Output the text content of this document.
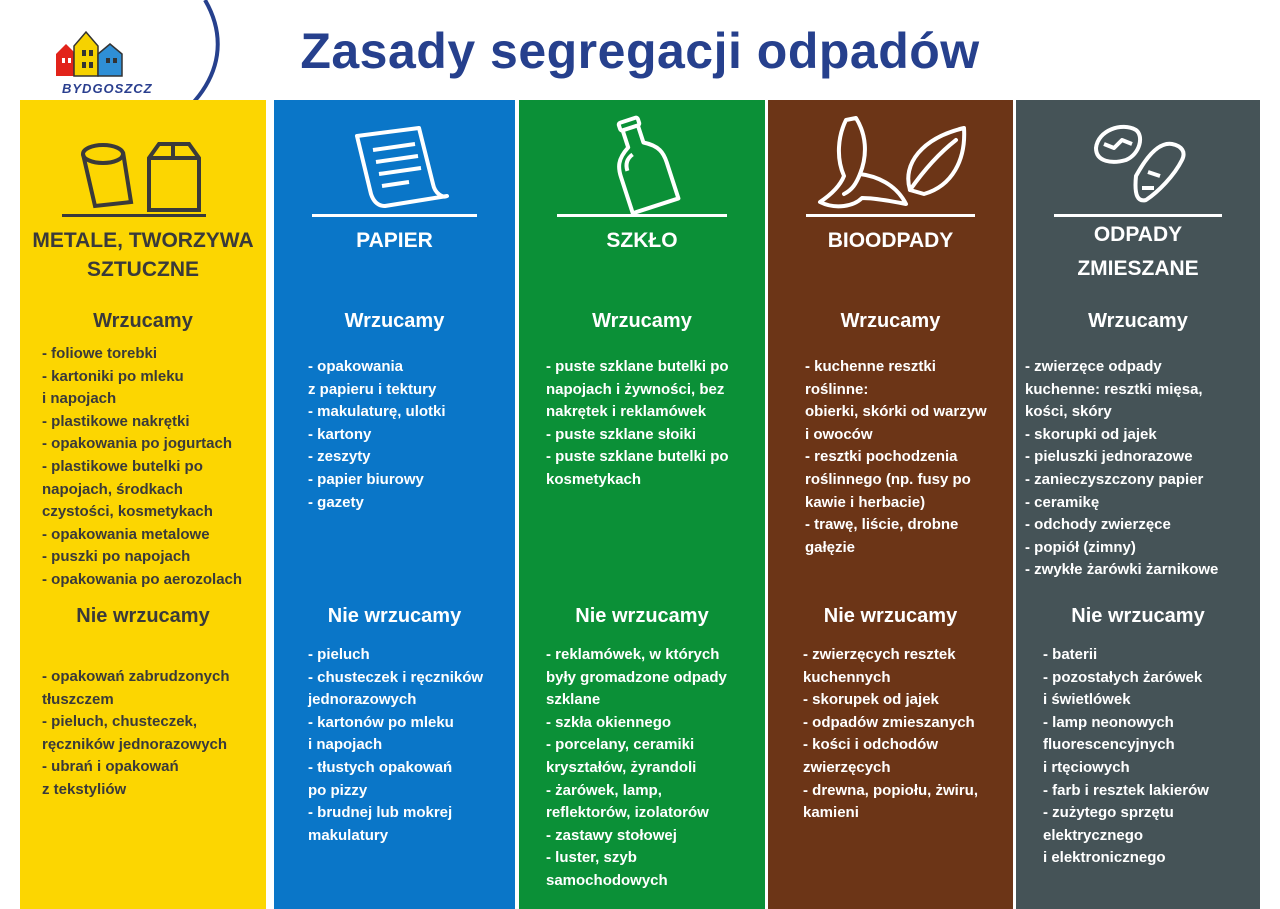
BYDGOSZCZ
Zasady segregacji odpadów
METALE, TWORZYWA
SZTUCZNE
Wrzucamy
- foliowe torebki
- kartoniki po mleku
i napojach
- plastikowe nakrętki
- opakowania po jogurtach
- plastikowe butelki po
napojach, środkach
czystości, kosmetykach
- opakowania metalowe
- puszki po napojach
- opakowania po aerozolach
Nie wrzucamy
- opakowań zabrudzonych
tłuszczem
- pieluch, chusteczek,
ręczników jednorazowych
- ubrań i opakowań
z tekstyliów
PAPIER
Wrzucamy
- opakowania
z papieru i tektury
- makulaturę, ulotki
- kartony
- zeszyty
- papier biurowy
- gazety
Nie wrzucamy
- pieluch
- chusteczek i ręczników
jednorazowych
- kartonów po mleku
i napojach
- tłustych opakowań
po pizzy
- brudnej lub mokrej
makulatury
SZKŁO
Wrzucamy
- puste szklane butelki po
napojach i żywności, bez
nakrętek i reklamówek
- puste szklane słoiki
- puste szklane butelki po
kosmetykach
Nie wrzucamy
- reklamówek, w których
były gromadzone odpady
szklane
- szkła okiennego
- porcelany, ceramiki
kryształów, żyrandoli
- żarówek, lamp,
reflektorów, izolatorów
- zastawy stołowej
- luster, szyb
samochodowych
BIOODPADY
Wrzucamy
- kuchenne resztki
roślinne:
obierki, skórki od warzyw
i owoców
- resztki pochodzenia
roślinnego (np. fusy po
kawie i herbacie)
- trawę, liście, drobne
gałęzie
Nie wrzucamy
- zwierzęcych resztek
kuchennych
- skorupek od jajek
- odpadów zmieszanych
- kości i odchodów
zwierzęcych
- drewna, popiołu, żwiru,
kamieni
ODPADY
ZMIESZANE
Wrzucamy
- zwierzęce odpady
kuchenne: resztki mięsa,
kości, skóry
- skorupki od jajek
- pieluszki jednorazowe
- zanieczyszczony papier
- ceramikę
- odchody zwierzęce
- popiół (zimny)
- zwykłe żarówki żarnikowe
Nie wrzucamy
- baterii
- pozostałych żarówek
i świetlówek
- lamp neonowych
fluorescencyjnych
i rtęciowych
- farb i resztek lakierów
- zużytego sprzętu
elektrycznego
i elektronicznego
